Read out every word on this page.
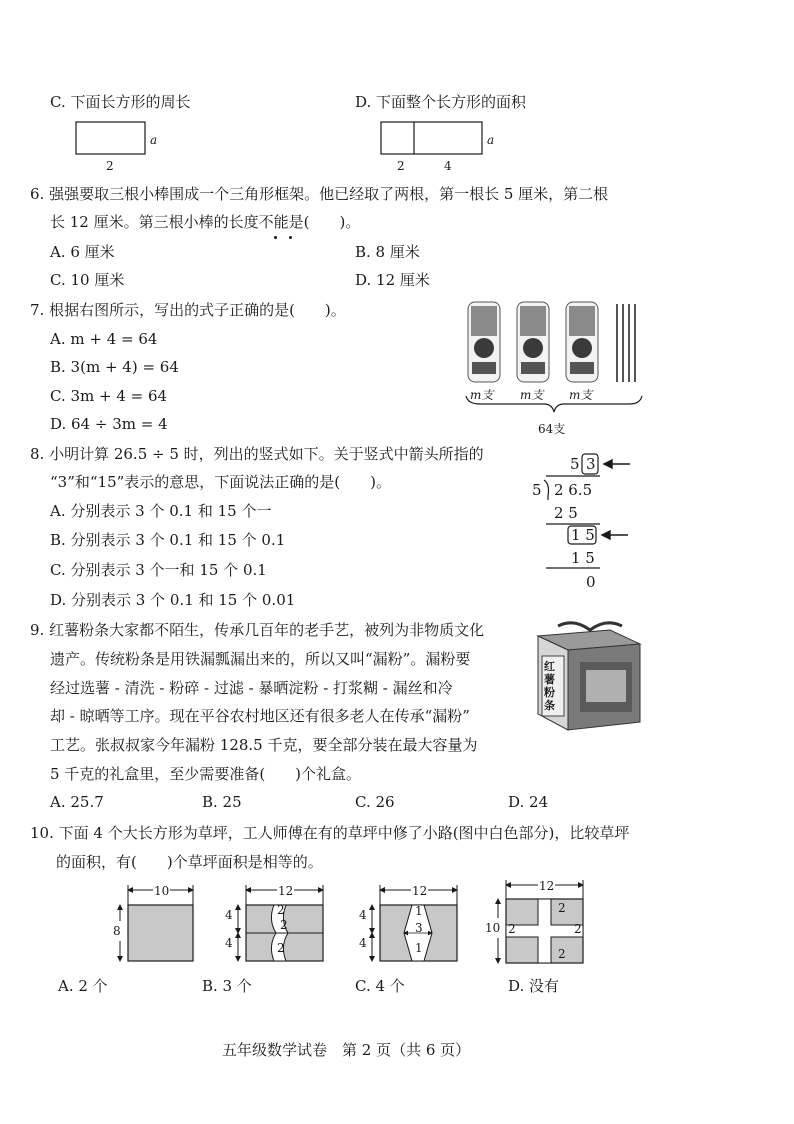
C. 下面长方形的周长	D. 下面整个长方形的面积
a
2
a
2	4
6. 强强要取三根小棒围成一个三角形框架。他已经取了两根，第一根长 5 厘米，第二根
长 12 厘米。第三根小棒的长度不能是(　　)。
A. 6 厘米	B. 8 厘米
C. 10 厘米	D. 12 厘米
7. 根据右图所示，写出的式子正确的是(　　)。
A. m + 4 = 64
B. 3(m + 4) = 64
C. 3m + 4 = 64
D. 64 ÷ 3m = 4
m支 m支 m支
64支
8. 小明计算 26.5 ÷ 5 时，列出的竖式如下。关于竖式中箭头所指的
“3”和“15”表示的意思，下面说法正确的是(　　)。
A. 分别表示 3 个 0.1 和 15 个一
B. 分别表示 3 个 0.1 和 15 个 0.1
C. 分别表示 3 个一和 15 个 0.1
D. 分别表示 3 个 0.1 和 15 个 0.01
5 3
5 2 6.5
2 5
1 5
1 5
0
9. 红薯粉条大家都不陌生，传承几百年的老手艺，被列为非物质文化
遗产。传统粉条是用铁漏瓢漏出来的，所以又叫“漏粉”。漏粉要
经过选薯 - 清洗 - 粉碎 - 过滤 - 暴晒淀粉 - 打浆糊 - 漏丝和冷
却 - 晾晒等工序。现在平谷农村地区还有很多老人在传承“漏粉”
工艺。张叔叔家今年漏粉 128.5 千克，要全部分装在最大容量为
5 千克的礼盒里，至少需要准备(　　)个礼盒。
A. 25.7	B. 25	C. 26	D. 24
红薯粉条
10. 下面 4 个大长方形为草坪，工人师傅在有的草坪中修了小路(图中白色部分)，比较草坪
的面积，有(　　)个草坪面积是相等的。
10
8
12
4
4
2
2
2
12
4
4
1
3
1
12
10
2
2	2
2
A. 2 个	B. 3 个	C. 4 个	D. 没有
五年级数学试卷　第 2 页（共 6 页）
